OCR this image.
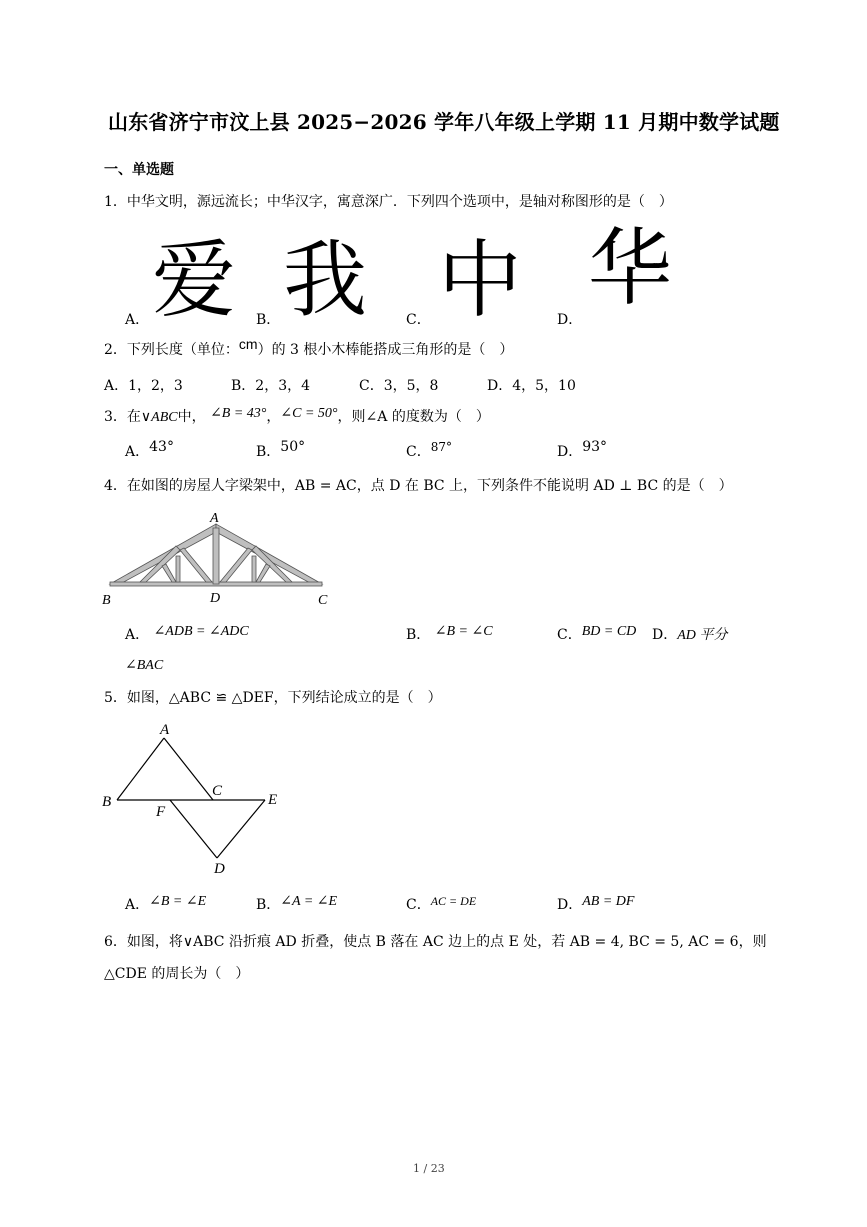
山东省济宁市汶上县 2025−2026 学年八年级上学期 11 月期中数学试题
一、单选题
1．中华文明，源远流长；中华汉字，寓意深广．下列四个选项中，是轴对称图形的是（　）
A． 爱 B． 我	C． 中 D．
华
2．下列长度（单位：cm）的 3 根小木棒能搭成三角形的是（　）
A．1，2，3	B．2，3，4	C．3，5，8	D．4，5，10
3．在∨ABC中， ∠B = 43°，∠C = 50°，则∠A 的度数为（　）
A．43°	B．50°	C．87°	D．93°
4．在如图的房屋人字梁架中，AB = AC，点 D 在 BC 上，下列条件不能说明 AD ⊥ BC 的是（　）
A
B	D	C
A． ∠ADB = ∠ADC	B． ∠B = ∠C	C．BD = CD D．AD 平分
∠BAC
5．如图，△ABC ≌ △DEF，下列结论成立的是（　）
A
B
C
E
F
D
A．∠B = ∠E	B．∠A = ∠E	C．AC = DE	D．AB = DF
6．如图，将∨ABC 沿折痕 AD 折叠，使点 B 落在 AC 边上的点 E 处，若 AB = 4, BC = 5, AC = 6，则
△CDE 的周长为（　）
1 / 23
